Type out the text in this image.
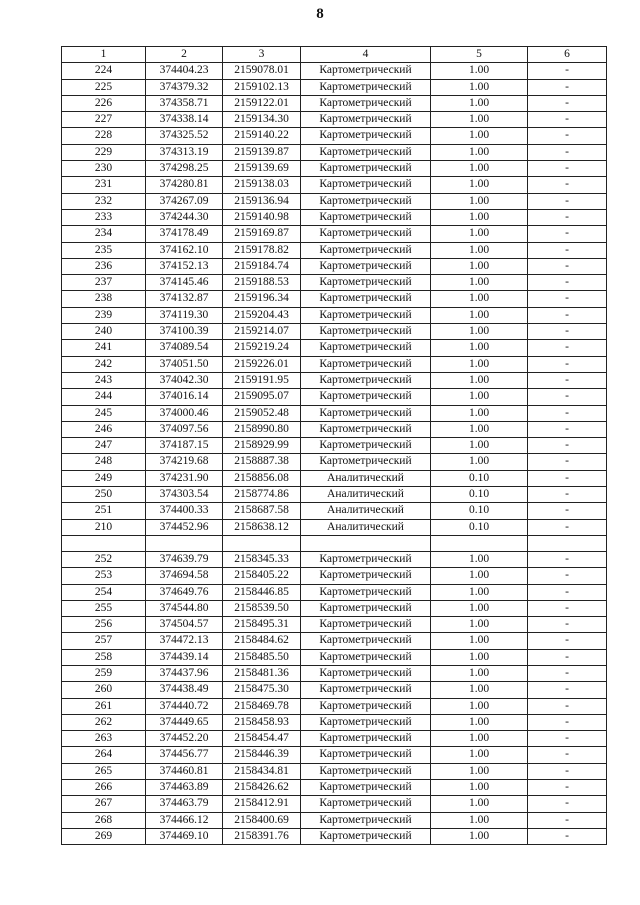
8
1	2	3	4	5	6
224	374404.23	2159078.01	Картометрический	1.00	-
225	374379.32	2159102.13	Картометрический	1.00	-
226	374358.71	2159122.01	Картометрический	1.00	-
227	374338.14	2159134.30	Картометрический	1.00	-
228	374325.52	2159140.22	Картометрический	1.00	-
229	374313.19	2159139.87	Картометрический	1.00	-
230	374298.25	2159139.69	Картометрический	1.00	-
231	374280.81	2159138.03	Картометрический	1.00	-
232	374267.09	2159136.94	Картометрический	1.00	-
233	374244.30	2159140.98	Картометрический	1.00	-
234	374178.49	2159169.87	Картометрический	1.00	-
235	374162.10	2159178.82	Картометрический	1.00	-
236	374152.13	2159184.74	Картометрический	1.00	-
237	374145.46	2159188.53	Картометрический	1.00	-
238	374132.87	2159196.34	Картометрический	1.00	-
239	374119.30	2159204.43	Картометрический	1.00	-
240	374100.39	2159214.07	Картометрический	1.00	-
241	374089.54	2159219.24	Картометрический	1.00	-
242	374051.50	2159226.01	Картометрический	1.00	-
243	374042.30	2159191.95	Картометрический	1.00	-
244	374016.14	2159095.07	Картометрический	1.00	-
245	374000.46	2159052.48	Картометрический	1.00	-
246	374097.56	2158990.80	Картометрический	1.00	-
247	374187.15	2158929.99	Картометрический	1.00	-
248	374219.68	2158887.38	Картометрический	1.00	-
249	374231.90	2158856.08	Аналитический	0.10	-
250	374303.54	2158774.86	Аналитический	0.10	-
251	374400.33	2158687.58	Аналитический	0.10	-
210	374452.96	2158638.12	Аналитический	0.10	-

252	374639.79	2158345.33	Картометрический	1.00	-
253	374694.58	2158405.22	Картометрический	1.00	-
254	374649.76	2158446.85	Картометрический	1.00	-
255	374544.80	2158539.50	Картометрический	1.00	-
256	374504.57	2158495.31	Картометрический	1.00	-
257	374472.13	2158484.62	Картометрический	1.00	-
258	374439.14	2158485.50	Картометрический	1.00	-
259	374437.96	2158481.36	Картометрический	1.00	-
260	374438.49	2158475.30	Картометрический	1.00	-
261	374440.72	2158469.78	Картометрический	1.00	-
262	374449.65	2158458.93	Картометрический	1.00	-
263	374452.20	2158454.47	Картометрический	1.00	-
264	374456.77	2158446.39	Картометрический	1.00	-
265	374460.81	2158434.81	Картометрический	1.00	-
266	374463.89	2158426.62	Картометрический	1.00	-
267	374463.79	2158412.91	Картометрический	1.00	-
268	374466.12	2158400.69	Картометрический	1.00	-
269	374469.10	2158391.76	Картометрический	1.00	-
